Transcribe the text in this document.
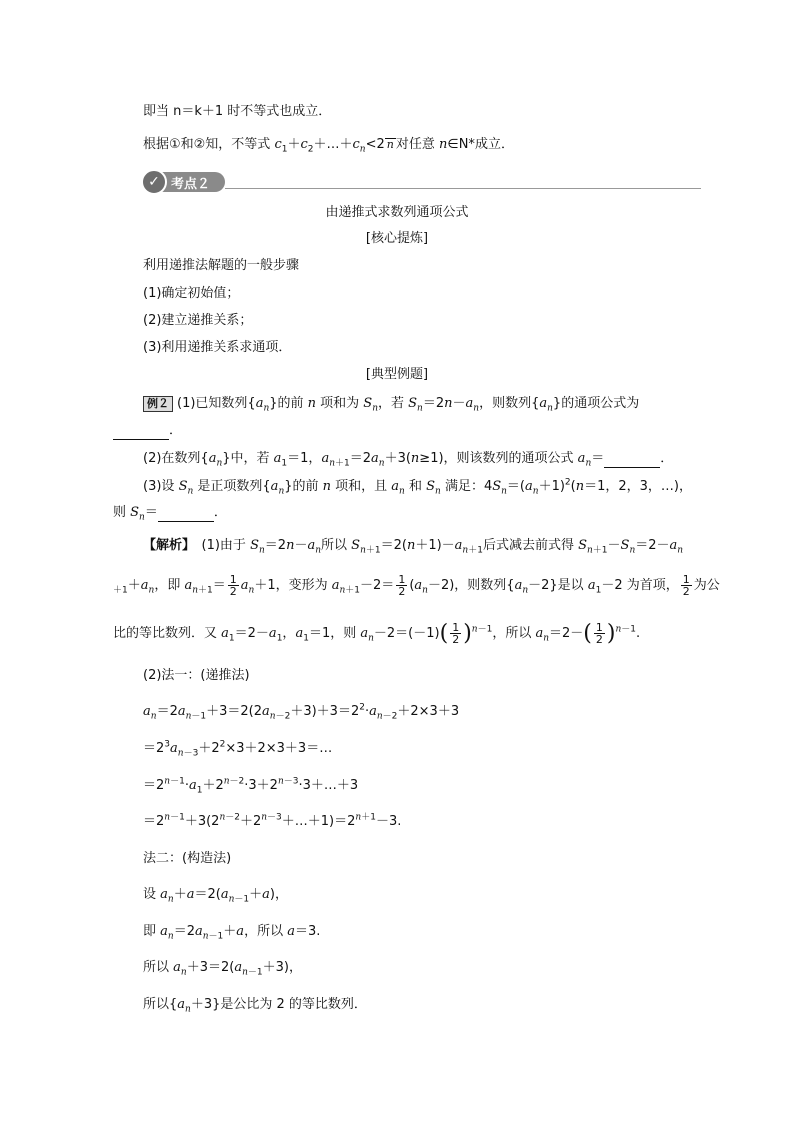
即当 n＝k＋1 时不等式也成立．
根据①和②知，不等式 $c_1+c_2+\dots+c_n<2$ n 对任意 n∈N*成立．
✓ 考点２
由递推式求数列通项公式
[核心提炼]
利用递推法解题的一般步骤
(1)确定初始值；
(2)建立递推关系；
(3)利用递推关系求通项．
[典型例题]
例２ (1)已知数列$\{a_n\}$的前 n 项和为 $S_n$，若 $S_n=2n-a_n$，则数列$\{a_n\}$的通项公式为
．
(2)在数列$\{a_n\}$中，若 $a_1=1$，$a_{n+1}=2a_n+3(n\ge 1)$，则该数列的通项公式 $a_n=$	．
(3)设 $S_n$ 是正项数列$\{a_n\}$的前 n 项和，且 $a_n$ 和 $S_n$ 满足：$4S_n=(a_n+1)^2(n=1$，2，3，…)，
则 $S_n=$	．
【解析】　(1)由于 $S_n=2n-a_n$所以 $S_{n+1}=2(n+1)-a_{n+1}$后式减去前式得 $S_{n+1}-S_n=2-a_n$
$_{+1}+a_n$，即 $a_{n+1}= \frac{1}{2} a_n+1$，变形为 $a_{n+1}-2= \frac{1}{2} (a_n-2)$，则数列$\{a_n-2\}$是以 $a_1-2$ 为首项， $\frac{1}{2}$ 为公
比的等比数列．又 $a_1=2-a_1$，$a_1=1$，则 $a_n-2=(-1)( \frac{1}{2} )^{n-1}$，所以 $a_n=2-( \frac{1}{2} )^{n-1}$.
(2)法一：(递推法)
$a_n=2a_{n-1}+3=2(2a_{n-2}+3)+3=2^2\cdot a_{n-2}+2\times 3+3$
$=2^3a_{n-3}+2^2\times 3+2\times 3+3=\dots$
$=2^{n-1}\cdot a_1+2^{n-2}\cdot 3+2^{n-3}\cdot 3+\dots+3$
$=2^{n-1}+3(2^{n-2}+2^{n-3}+\dots+1)=2^{n+1}-3$.
法二：(构造法)
设 $a_n+a=2(a_{n-1}+a)$，
即 $a_n=2a_{n-1}+a$，所以 a＝3.
所以 $a_n+3=2(a_{n-1}+3)$，
所以$\{a_n+3\}$是公比为 2 的等比数列．
